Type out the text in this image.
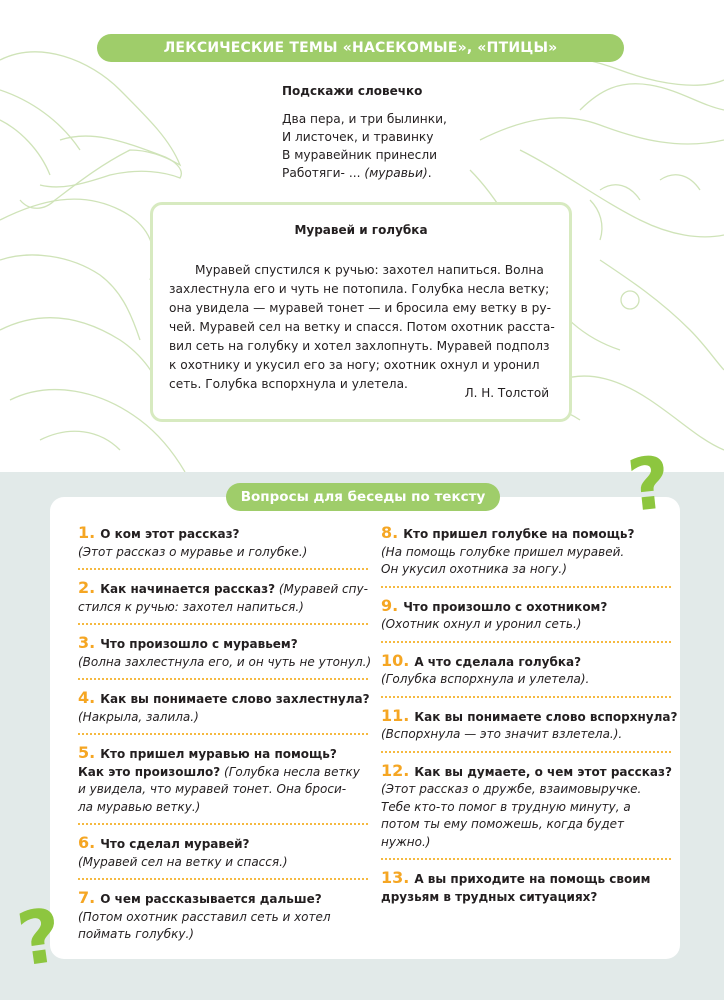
ЛЕКСИЧЕСКИЕ ТЕМЫ «НАСЕКОМЫЕ», «ПТИЦЫ»
Подскажи словечко
Два пера, и три былинки,
И листочек, и травинку
В муравейник принесли
Работяги- ... (муравьи).
Муравей и голубка
Муравей спустился к ручью: захотел напиться. Волна
захлестнула его и чуть не потопила. Голубка несла ветку;
она увидела — муравей тонет — и бросила ему ветку в ру-
чей. Муравей сел на ветку и спасся. Потом охотник расста-
вил сеть на голубку и хотел захлопнуть. Муравей подполз
к охотнику и укусил его за ногу; охотник охнул и уронил
сеть. Голубка вспорхнула и улетела.
Л. Н. Толстой
Вопросы для беседы по тексту
1. О ком этот рассказ?
(Этот рассказ о муравье и голубке.)
2. Как начинается рассказ? (Муравей спу-
стился к ручью: захотел напиться.)
3. Что произошло с муравьем?
(Волна захлестнула его, и он чуть не утонул.)
4. Как вы понимаете слово захлестнула?
(Накрыла, залила.)
5. Кто пришел муравью на помощь?
Как это произошло? (Голубка несла ветку
и увидела, что муравей тонет. Она броси-
ла муравью ветку.)
6. Что сделал муравей?
(Муравей сел на ветку и спасся.)
7. О чем рассказывается дальше?
(Потом охотник расставил сеть и хотел
поймать голубку.)
8. Кто пришел голубке на помощь?
(На помощь голубке пришел муравей.
Он укусил охотника за ногу.)
9. Что произошло с охотником?
(Охотник охнул и уронил сеть.)
10. А что сделала голубка?
(Голубка вспорхнула и улетела).
11. Как вы понимаете слово вспорхнула?
(Вспорхнула — это значит взлетела.).
12. Как вы думаете, о чем этот рассказ?
(Этот рассказ о дружбе, взаимовыручке.
Тебе кто-то помог в трудную минуту, а
потом ты ему поможешь, когда будет
нужно.)
13. А вы приходите на помощь своим
друзьям в трудных ситуациях?
?
?
